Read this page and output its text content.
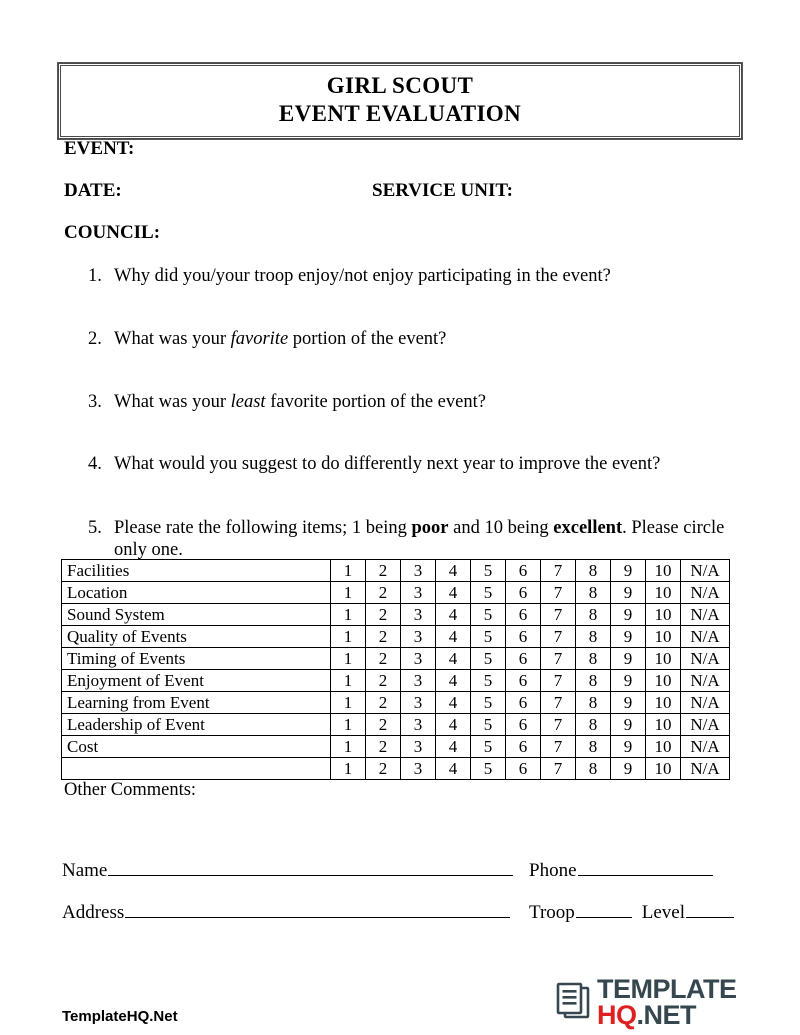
GIRL SCOUT
EVENT EVALUATION
EVENT:
DATE:	SERVICE UNIT:
COUNCIL:
1. Why did you/your troop enjoy/not enjoy participating in the event?
2. What was your favorite portion of the event?
3. What was your least favorite portion of the event?
4. What would you suggest to do differently next year to improve the event?
5. Please rate the following items; 1 being poor and 10 being excellent. Please circle only one.
Facilities	1	2	3	4	5	6	7	8	9	10	N/A
Location	1	2	3	4	5	6	7	8	9	10	N/A
Sound System	1	2	3	4	5	6	7	8	9	10	N/A
Quality of Events	1	2	3	4	5	6	7	8	9	10	N/A
Timing of Events	1	2	3	4	5	6	7	8	9	10	N/A
Enjoyment of Event	1	2	3	4	5	6	7	8	9	10	N/A
Learning from Event	1	2	3	4	5	6	7	8	9	10	N/A
Leadership of Event	1	2	3	4	5	6	7	8	9	10	N/A
Cost	1	2	3	4	5	6	7	8	9	10	N/A
	1	2	3	4	5	6	7	8	9	10	N/A
Other Comments:
Name	Phone
Address	Troop	Level
TemplateHQ.Net
TEMPLATE
HQ.NET
